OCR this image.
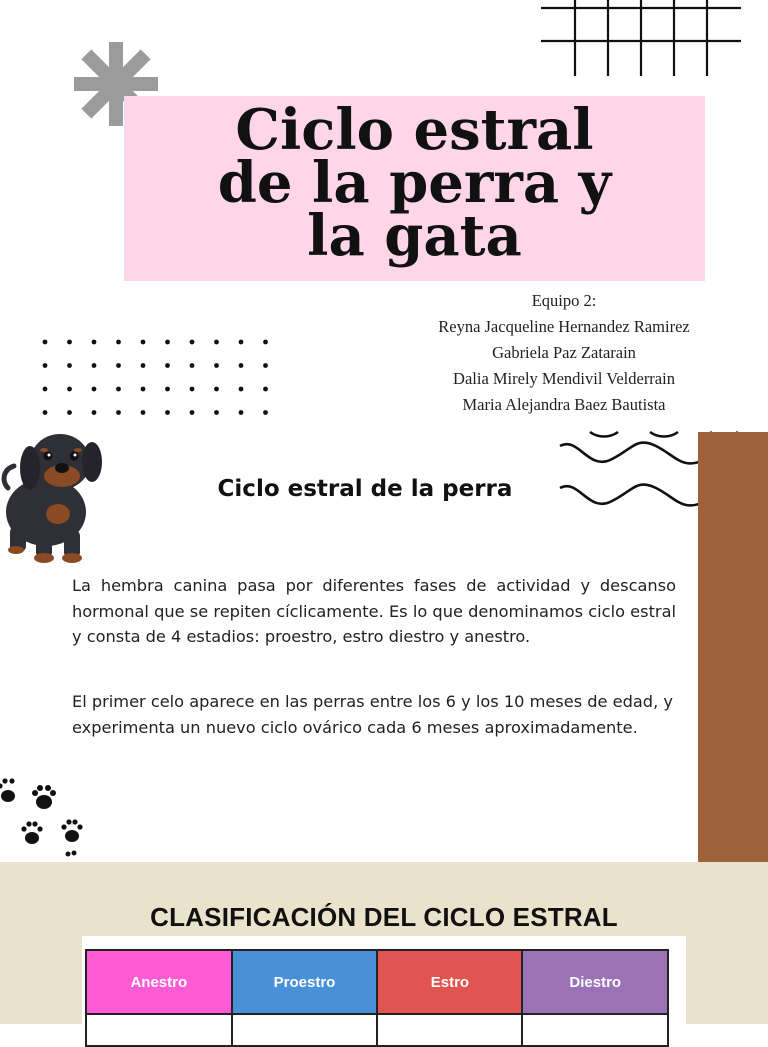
Ciclo estral
de la perra y
la gata
Equipo 2:
Reyna Jacqueline Hernandez Ramirez
Gabriela Paz Zatarain
Dalia Mirely Mendivil Velderrain
Maria Alejandra Baez Bautista
Ciclo estral de la perra

La hembra canina pasa por diferentes fases de actividad y descanso hormonal que se repiten cíclicamente. Es lo que denominamos ciclo estral y consta de 4 estadios: proestro, estro diestro y anestro.

El primer celo aparece en las perras entre los 6 y los 10 meses de edad, y experimenta un nuevo ciclo ovárico cada 6 meses aproximadamente.

CLASIFICACIÓN DEL CICLO ESTRAL
Anestro	Proestro	Estro	Diestro
